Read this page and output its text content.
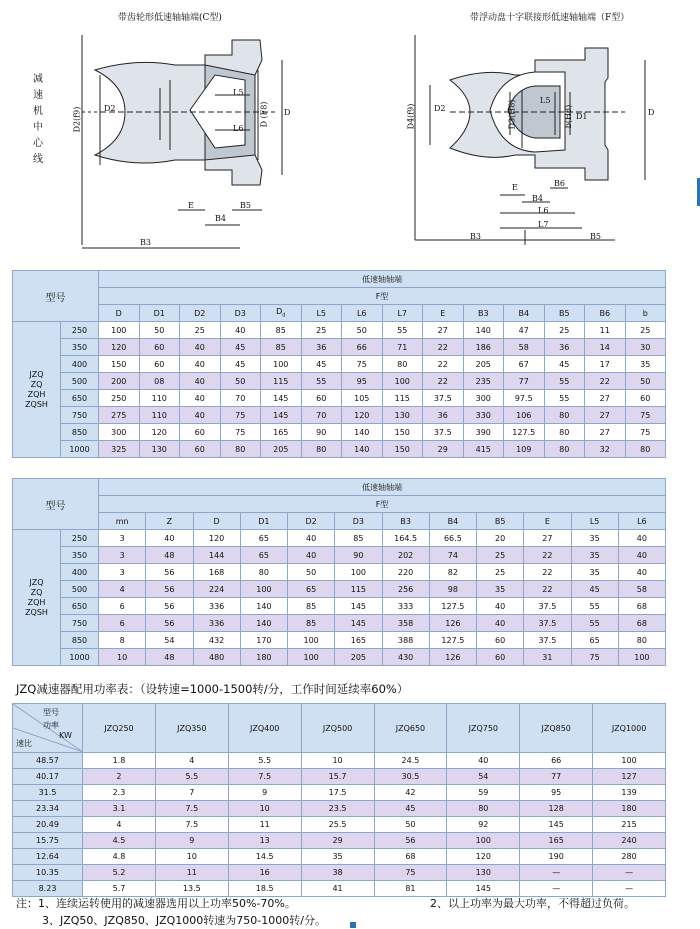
带齿轮形低速轴轴端(C型)
减
速
机
中
心
线
D2(f9)	D2
L5
L6
D (F8) D
E
B4
B5
B3
带浮动盘十字联接形低速轴轴端（F型）
D4(f9) D2	D3(H8)	L5
b(H8) D1	D
E
B4
B6
L6
L7
B3	B5
型号		低速轴轴端													
		F型													
		D	D1	D2	D3	$D_d$	L5	L6	L7	E	B3	B4	B5	B6	b

JZQ
ZQ
ZQH
ZQSH	250	100	50	25	40	85	25	50	55	27	140	47	25	11	25
	350	120	60	40	45	85	36	66	71	22	186	58	36	14	30
	400	150	60	40	45	100	45	75	80	22	205	67	45	17	35
	500	200	08	40	50	115	55	95	100	22	235	77	55	22	50
	650	250	110	40	70	145	60	105	115	37.5	300	97.5	55	27	60
	750	275	110	40	75	145	70	120	130	36	330	106	80	27	75
	850	300	120	60	75	165	90	140	150	37.5	390	127.5	80	27	75
	1000	325	130	60	80	205	80	140	150	29	415	109	80	32	80
型号		低速轴轴端											
		F型											
		mn	Z	D	D1	D2	D3	B3	B4	B5	E	L5	L6

JZQ
ZQ
ZQH
ZQSH	250	3	40	120	65	40	85	164.5	66.5	20	27	35	40
	350	3	48	144	65	40	90	202	74	25	22	35	40
	400	3	56	168	80	50	100	220	82	25	22	35	40
	500	4	56	224	100	65	115	256	98	35	22	45	58
	650	6	56	336	140	85	145	333	127.5	40	37.5	55	68
	750	6	56	336	140	85	145	358	126	40	37.5	55	68
	850	8	54	432	170	100	165	388	127.5	60	37.5	65	80
	1000	10	48	480	180	100	205	430	126	60	31	75	100
JZQ减速器配用功率表：（设转速=1000-1500转/分，工作时间延续率60%）
型号
功率
KW
速比	JZQ250	JZQ350	JZQ400	JZQ500	JZQ650	JZQ750	JZQ850	JZQ1000
48.57	1.8	4	5.5	10	24.5	40	66	100
40.17	2	5.5	7.5	15.7	30.5	54	77	127
31.5	2.3	7	9	17.5	42	59	95	139
23.34	3.1	7.5	10	23.5	45	80	128	180
20.49	4	7.5	11	25.5	50	92	145	215
15.75	4.5	9	13	29	56	100	165	240
12.64	4.8	10	14.5	35	68	120	190	280
10.35	5.2	11	16	38	75	130	—	—
8.23	5.7	13.5	18.5	41	81	145	—	—
注：1、连续运转使用的减速器选用以上功率50%-70%。	2、以上功率为最大功率，不得超过负荷。
3、JZQ50、JZQ850、JZQ1000转速为750-1000转/分。
